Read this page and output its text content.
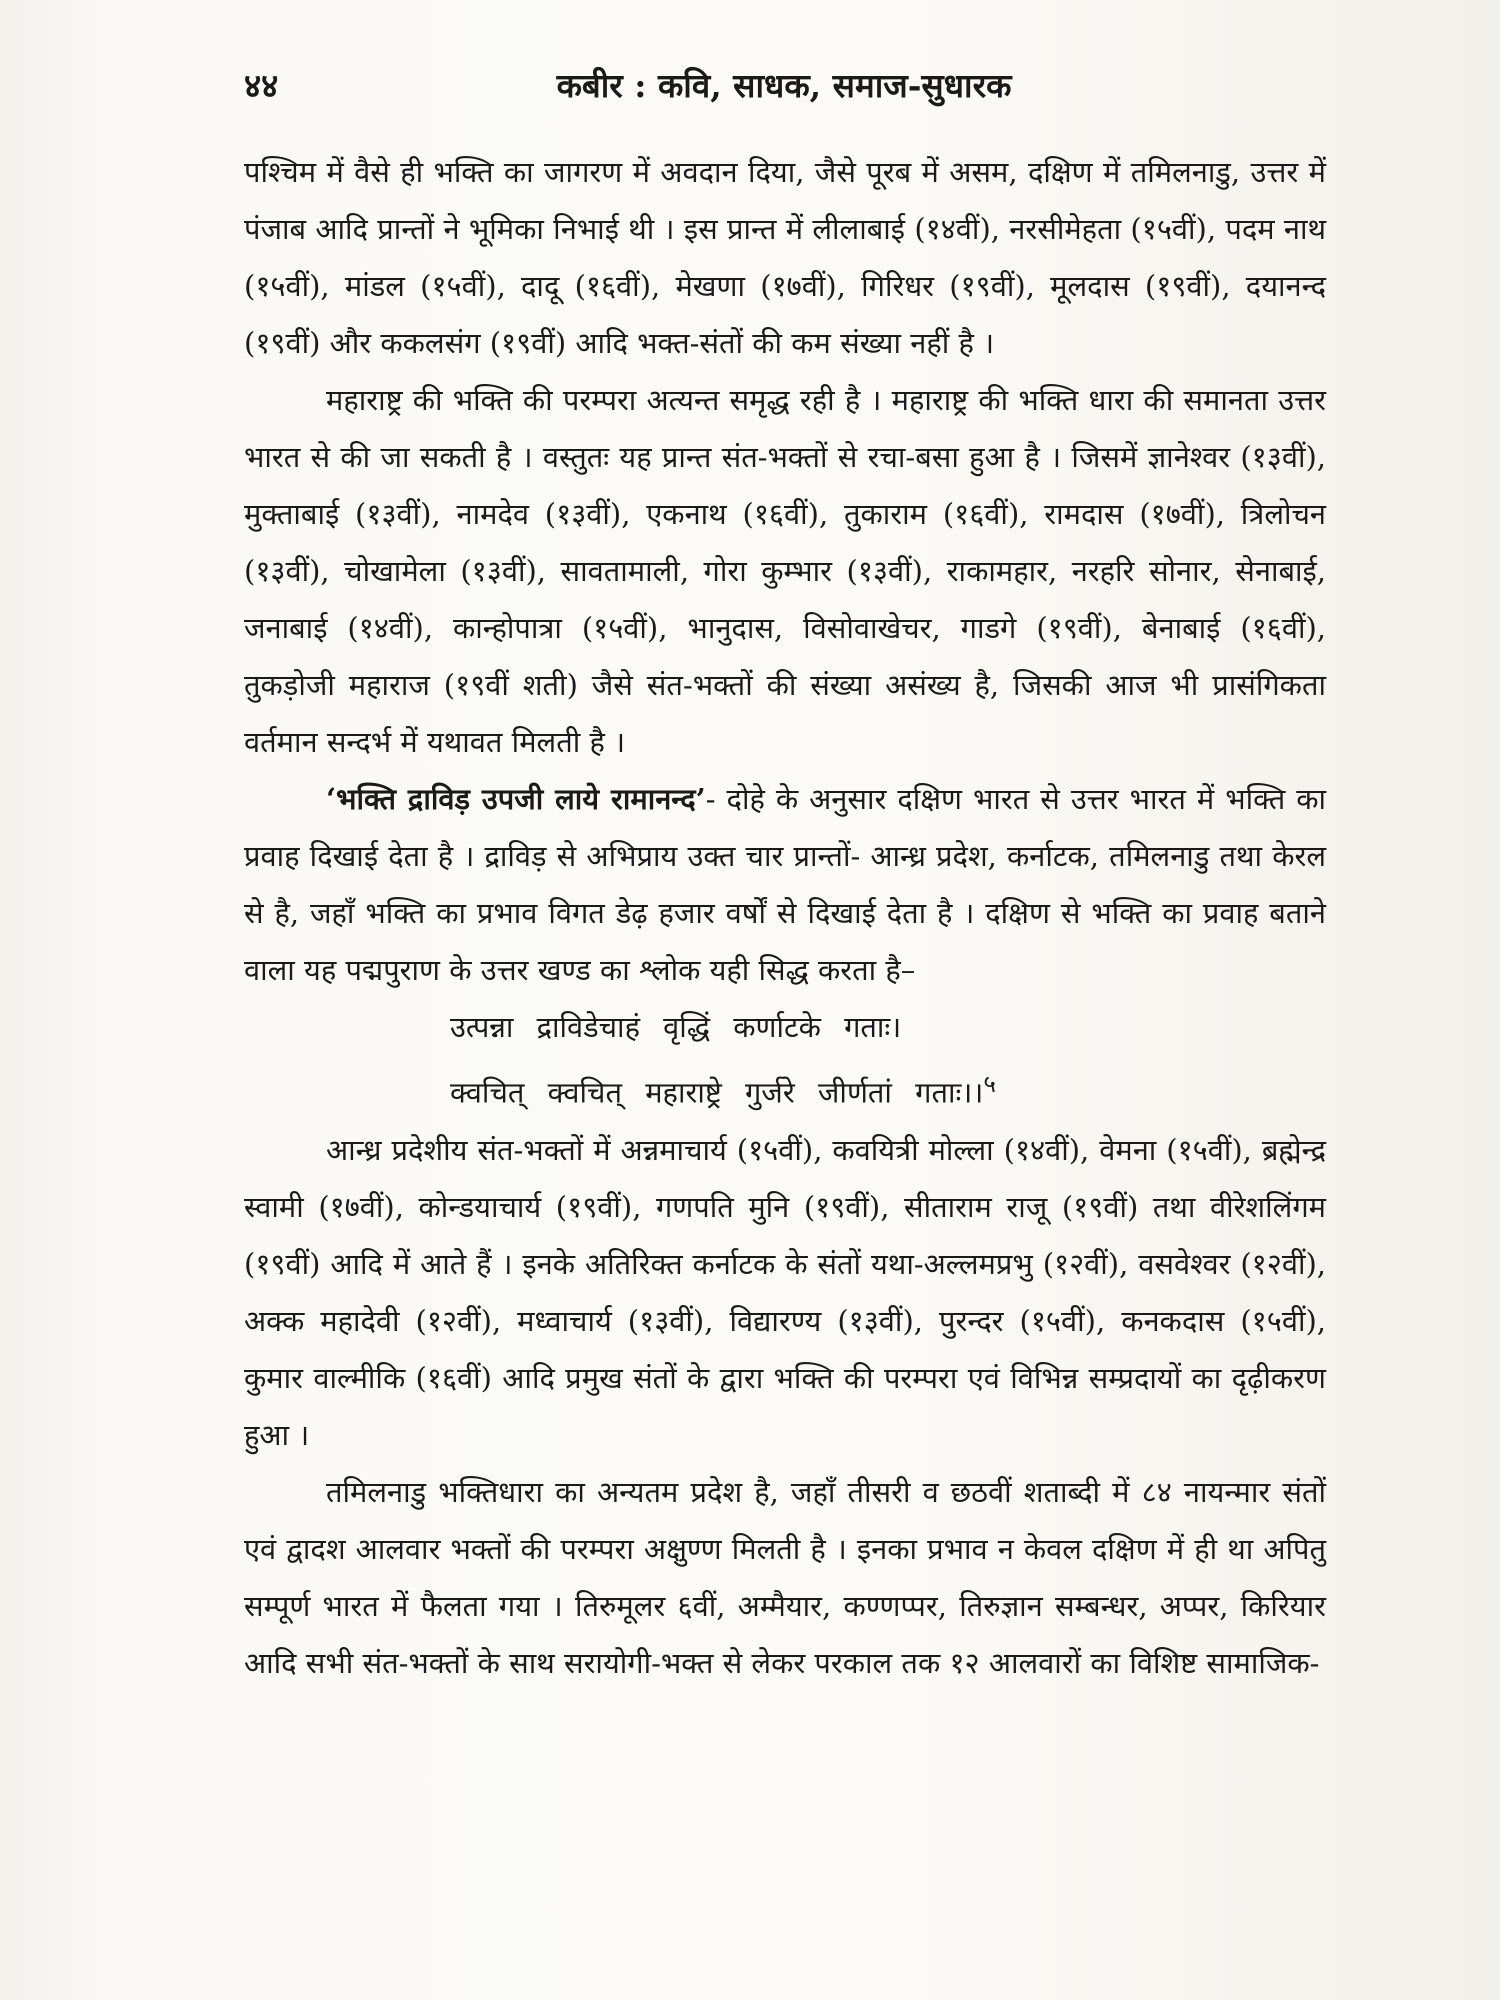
४४	कबीर : कवि, साधक, समाज-सुधारक

पश्चिम में वैसे ही भक्ति का जागरण में अवदान दिया, जैसे पूरब में असम, दक्षिण में तमिलनाडु, उत्तर में पंजाब आदि प्रान्तों ने भूमिका निभाई थी । इस प्रान्त में लीलाबाई (१४वीं), नरसीमेहता (१५वीं), पदम नाथ (१५वीं), मांडल (१५वीं), दादू (१६वीं), मेखणा (१७वीं), गिरिधर (१९वीं), मूलदास (१९वीं), दयानन्द (१९वीं) और ककलसंग (१९वीं) आदि भक्त-संतों की कम संख्या नहीं है ।

महाराष्ट्र की भक्ति की परम्परा अत्यन्त समृद्ध रही है । महाराष्ट्र की भक्ति धारा की समानता उत्तर भारत से की जा सकती है । वस्तुतः यह प्रान्त संत-भक्तों से रचा-बसा हुआ है । जिसमें ज्ञानेश्वर (१३वीं), मुक्ताबाई (१३वीं), नामदेव (१३वीं), एकनाथ (१६वीं), तुकाराम (१६वीं), रामदास (१७वीं), त्रिलोचन (१३वीं), चोखामेला (१३वीं), सावतामाली, गोरा कुम्भार (१३वीं), राकामहार, नरहरि सोनार, सेनाबाई, जनाबाई (१४वीं), कान्होपात्रा (१५वीं), भानुदास, विसोवाखेचर, गाडगे (१९वीं), बेनाबाई (१६वीं), तुकड़ोजी महाराज (१९वीं शती) जैसे संत-भक्तों की संख्या असंख्य है, जिसकी आज भी प्रासंगिकता वर्तमान सन्दर्भ में यथावत मिलती है ।

‘भक्ति द्राविड़ उपजी लाये रामानन्द’- दोहे के अनुसार दक्षिण भारत से उत्तर भारत में भक्ति का प्रवाह दिखाई देता है । द्राविड़ से अभिप्राय उक्त चार प्रान्तों- आन्ध्र प्रदेश, कर्नाटक, तमिलनाडु तथा केरल से है, जहाँ भक्ति का प्रभाव विगत डेढ़ हजार वर्षों से दिखाई देता है । दक्षिण से भक्ति का प्रवाह बताने वाला यह पद्मपुराण के उत्तर खण्ड का श्लोक यही सिद्ध करता है–

उत्पन्ना द्राविडेचाहं वृद्धिं कर्णाटके गताः।

क्वचित् क्वचित् महाराष्ट्रे गुर्जरे जीर्णतां गताः।।$^५$

आन्ध्र प्रदेशीय संत-भक्तों में अन्नमाचार्य (१५वीं), कवयित्री मोल्ला (१४वीं), वेमना (१५वीं), ब्रह्मेन्द्र स्वामी (१७वीं), कोन्डयाचार्य (१९वीं), गणपति मुनि (१९वीं), सीताराम राजू (१९वीं) तथा वीरेशलिंगम (१९वीं) आदि में आते हैं । इनके अतिरिक्त कर्नाटक के संतों यथा-अल्लमप्रभु (१२वीं), वसवेश्वर (१२वीं), अक्क महादेवी (१२वीं), मध्वाचार्य (१३वीं), विद्यारण्य (१३वीं), पुरन्दर (१५वीं), कनकदास (१५वीं), कुमार वाल्मीकि (१६वीं) आदि प्रमुख संतों के द्वारा भक्ति की परम्परा एवं विभिन्न सम्प्रदायों का दृढ़ीकरण हुआ ।

तमिलनाडु भक्तिधारा का अन्यतम प्रदेश है, जहाँ तीसरी व छठवीं शताब्दी में ८४ नायन्मार संतों एवं द्वादश आलवार भक्तों की परम्परा अक्षुण्ण मिलती है । इनका प्रभाव न केवल दक्षिण में ही था अपितु सम्पूर्ण भारत में फैलता गया । तिरुमूलर ६वीं, अम्मैयार, कण्णप्पर, तिरुज्ञान सम्बन्धर, अप्पर, किरियार आदि सभी संत-भक्तों के साथ सरायोगी-भक्त से लेकर परकाल तक १२ आलवारों का विशिष्ट सामाजिक-
